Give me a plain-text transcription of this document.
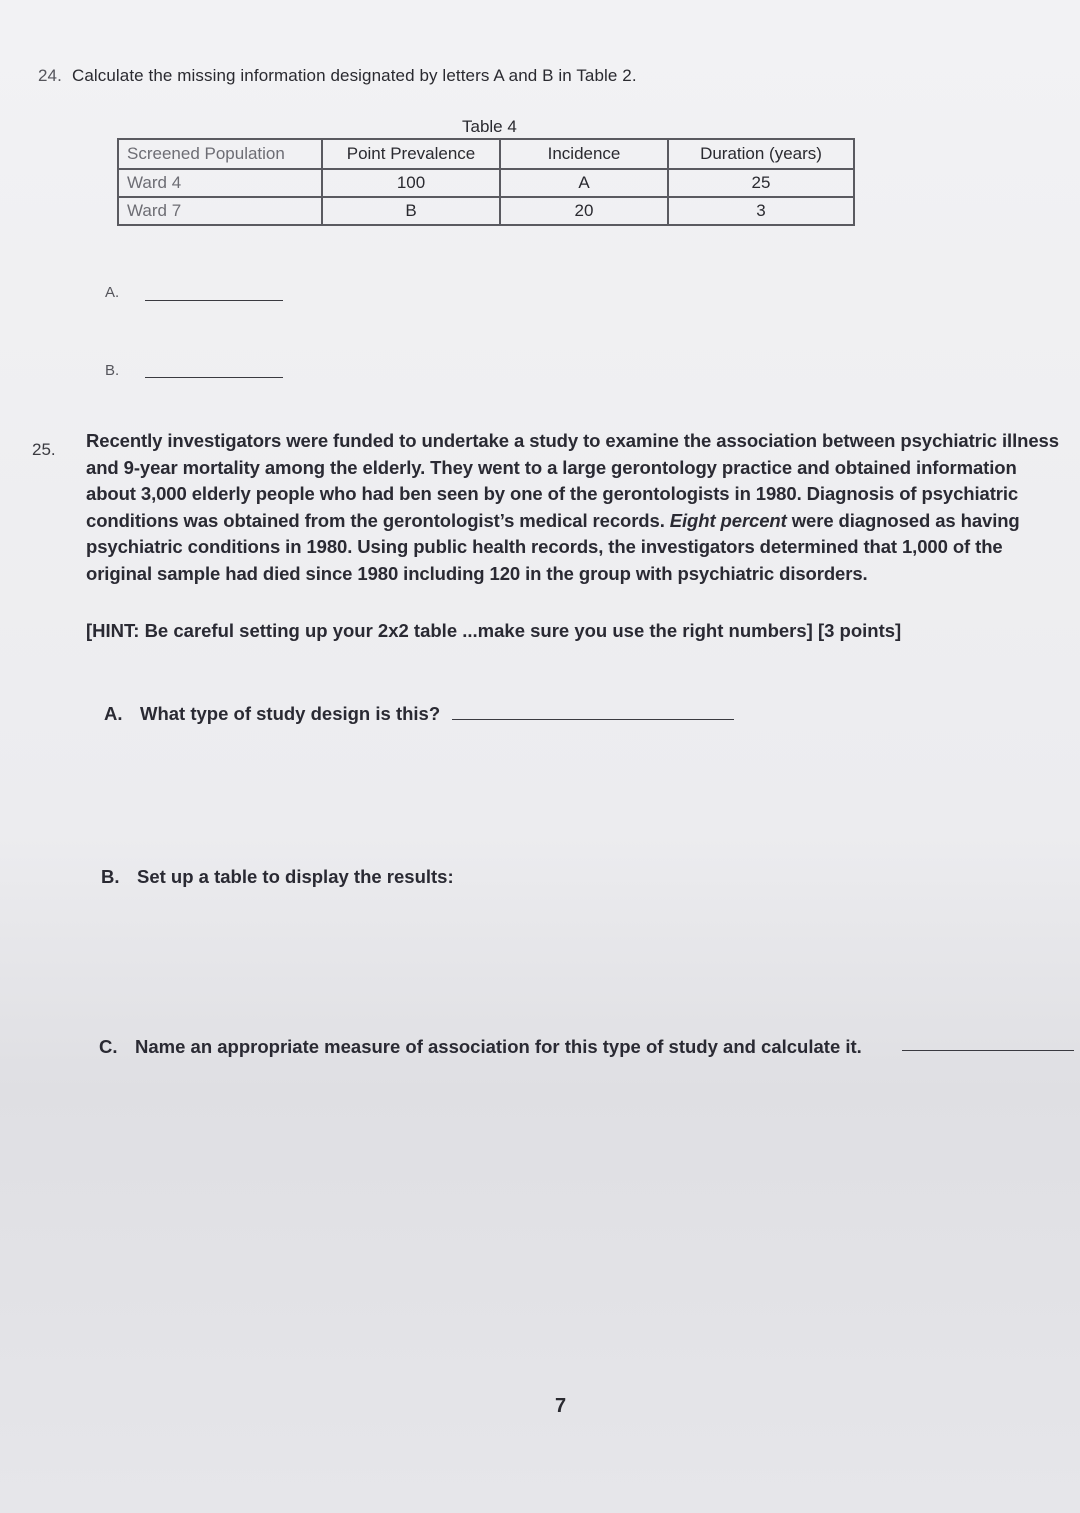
24. Calculate the missing information designated by letters A and B in Table 2.
Table 4
Screened Population	Point Prevalence	Incidence	Duration (years)
Ward 4	100	A	25
Ward 7	B	20	3
A.
B.
25. Recently investigators were funded to undertake a study to examine the association between psychiatric illness and 9-year mortality among the elderly. They went to a large gerontology practice and obtained information about 3,000 elderly people who had ben seen by one of the gerontologists in 1980. Diagnosis of psychiatric conditions was obtained from the gerontologist’s medical records. Eight percent were diagnosed as having psychiatric conditions in 1980. Using public health records, the investigators determined that 1,000 of the original sample had died since 1980 including 120 in the group with psychiatric disorders.

[HINT: Be careful setting up your 2x2 table ...make sure you use the right numbers] [3 points]
A. What type of study design is this?
B. Set up a table to display the results:
C. Name an appropriate measure of association for this type of study and calculate it.
7
